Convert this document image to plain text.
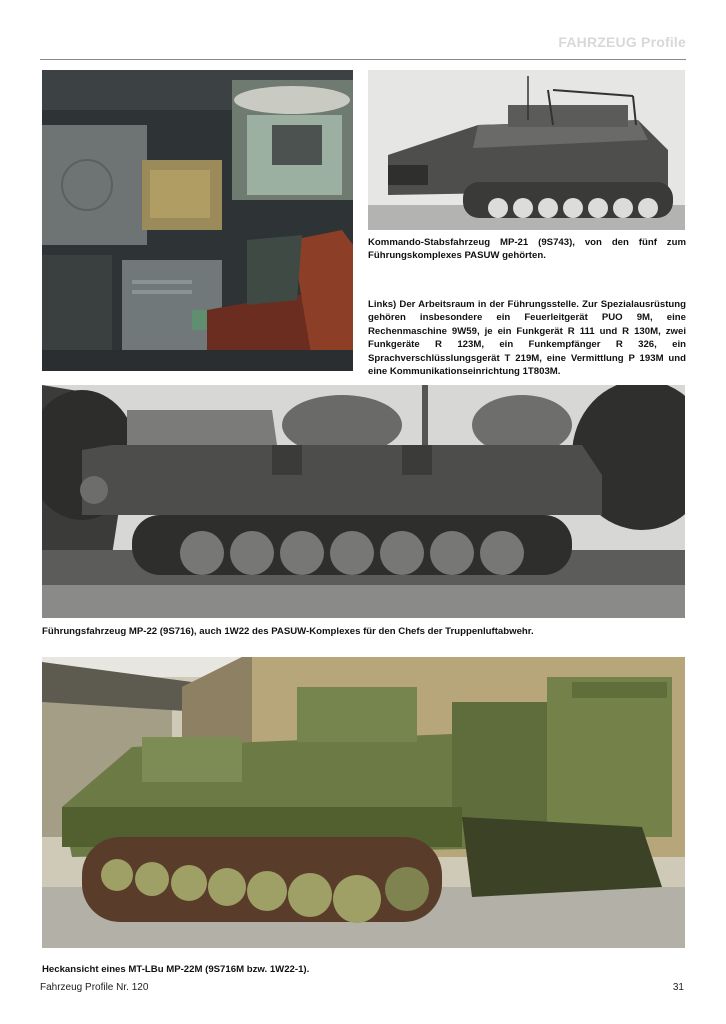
FAHRZEUG Profile
Kommando-Stabsfahrzeug MP-21 (9S743), von den fünf zum Führungskomplexes PASUW gehörten.
Links) Der Arbeitsraum in der Führungsstelle. Zur Spezialausrüstung gehören insbesondere ein Feuerleitgerät PUO 9M, eine Rechenmaschine 9W59, je ein Funkgerät R 111 und R 130M, zwei Funkgeräte R 123M, ein Funkempfänger R 326, ein Sprachverschlüsslungsgerät T 219M, eine Vermittlung P 193M und eine Kommunikationseinrichtung 1T803M.
Führungsfahrzeug MP-22 (9S716), auch 1W22 des PASUW-Komplexes für den Chefs der Truppenluftabwehr.
Heckansicht eines MT-LBu MP-22M (9S716M bzw. 1W22-1).
Fahrzeug Profile Nr. 120	31
